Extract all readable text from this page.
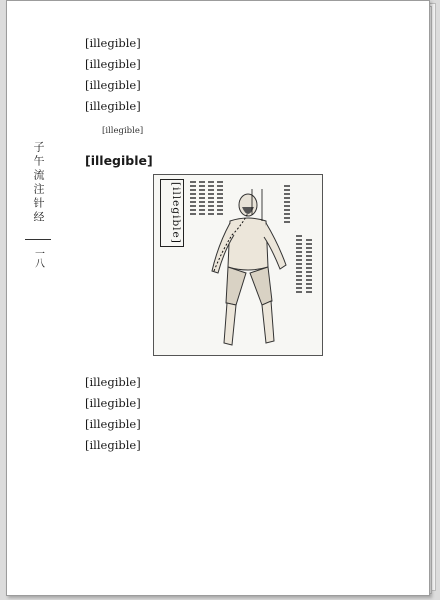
子午流注针经
一八

[illegible]

[illegible]

[illegible]

[illegible]

[illegible]

[illegible]
[illegible]

[illegible]

[illegible]

[illegible]

[illegible]
